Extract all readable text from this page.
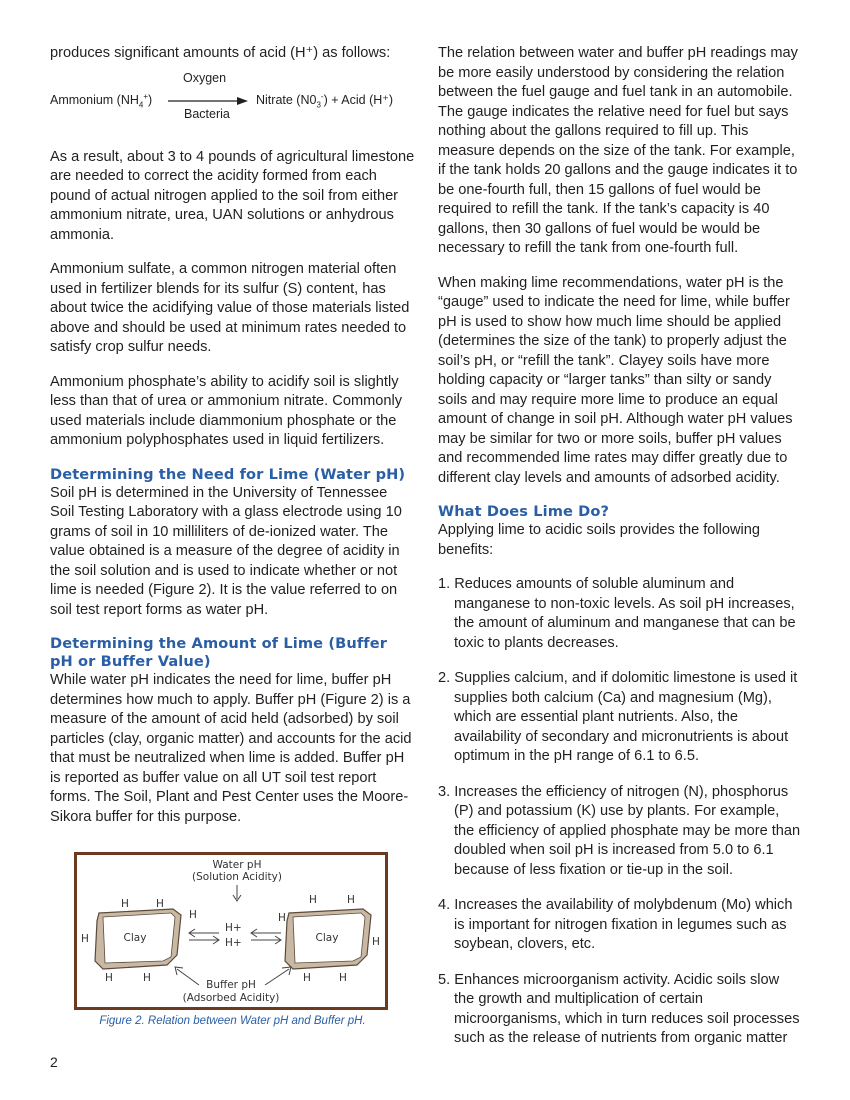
produces significant amounts of acid (H⁺) as follows:

Ammonium $(NH_4^+)$
Oxygen
Bacteria
Nitrate $(N0_3^-)$ + Acid (H⁺)

As a result, about 3 to 4 pounds of agricultural limestone are needed to correct the acidity formed from each pound of actual nitrogen applied to the soil from either ammonium nitrate, urea, UAN solutions or anhydrous ammonia.

Ammonium sulfate, a common nitrogen material often used in fertilizer blends for its sulfur (S) content, has about twice the acidifying value of those materials listed above and should be used at minimum rates needed to satisfy crop sulfur needs.

Ammonium phosphate’s ability to acidify soil is slightly less than that of urea or ammonium nitrate. Commonly used materials include diammonium phosphate or the ammonium polyphosphates used in liquid fertilizers.

Determining the Need for Lime (Water pH)

Soil pH is determined in the University of Tennessee Soil Testing Laboratory with a glass electrode using 10 grams of soil in 10 milliliters of de-ionized water. The value obtained is a measure of the degree of acidity in the soil solution and is used to indicate whether or not lime is needed (Figure 2). It is the value referred to on soil test report forms as water pH.

Determining the Amount of Lime (Buffer pH or Buffer Value)

While water pH indicates the need for lime, buffer pH determines how much to apply. Buffer pH (Figure 2) is a measure of the amount of acid held (adsorbed) by soil particles (clay, organic matter) and accounts for the acid that must be neutralized when lime is added. Buffer pH is reported as buffer value on all UT soil test report forms. The Soil, Plant and Pest Center uses the Moore-Sikora buffer for this purpose.

Water pH
(Solution Acidity)
Clay	Clay
H	H
H
H
H	H
H	H
H
H
H	H
H+
H+
Buffer pH
(Adsorbed Acidity)
Figure 2. Relation between Water pH and Buffer pH.

The relation between water and buffer pH readings may be more easily understood by considering the relation between the fuel gauge and fuel tank in an automobile. The gauge indicates the relative need for fuel but says nothing about the gallons required to fill up. This measure depends on the size of the tank. For example, if the tank holds 20 gallons and the gauge indicates it to be one-fourth full, then 15 gallons of fuel would be required to refill the tank. If the tank’s capacity is 40 gallons, then 30 gallons of fuel would be would be necessary to refill the tank from one-fourth full.

When making lime recommendations, water pH is the “gauge” used to indicate the need for lime, while buffer pH is used to show how much lime should be applied (determines the size of the tank) to properly adjust the soil’s pH, or “refill the tank”. Clayey soils have more holding capacity or “larger tanks” than silty or sandy soils and may require more lime to produce an equal amount of change in soil pH. Although water pH values may be similar for two or more soils, buffer pH values and recommended lime rates may differ greatly due to different clay levels and amounts of adsorbed acidity.

What Does Lime Do?

Applying lime to acidic soils provides the following benefits:

1. Reduces amounts of soluble aluminum and manganese to non-toxic levels. As soil pH increases, the amount of aluminum and manganese that can be toxic to plants decreases.
2. Supplies calcium, and if dolomitic limestone is used it supplies both calcium (Ca) and magnesium (Mg), which are essential plant nutrients. Also, the availability of secondary and micronutrients is about optimum in the pH range of 6.1 to 6.5.
3. Increases the efficiency of nitrogen (N), phosphorus (P) and potassium (K) use by plants. For example, the efficiency of applied phosphate may be more than doubled when soil pH is increased from 5.0 to 6.1 because of less fixation or tie-up in the soil.
4. Increases the availability of molybdenum (Mo) which is important for nitrogen fixation in legumes such as soybean, clovers, etc.
5. Enhances microorganism activity. Acidic soils slow the growth and multiplication of certain microorganisms, which in turn reduces soil processes such as the release of nutrients from organic matter
2
